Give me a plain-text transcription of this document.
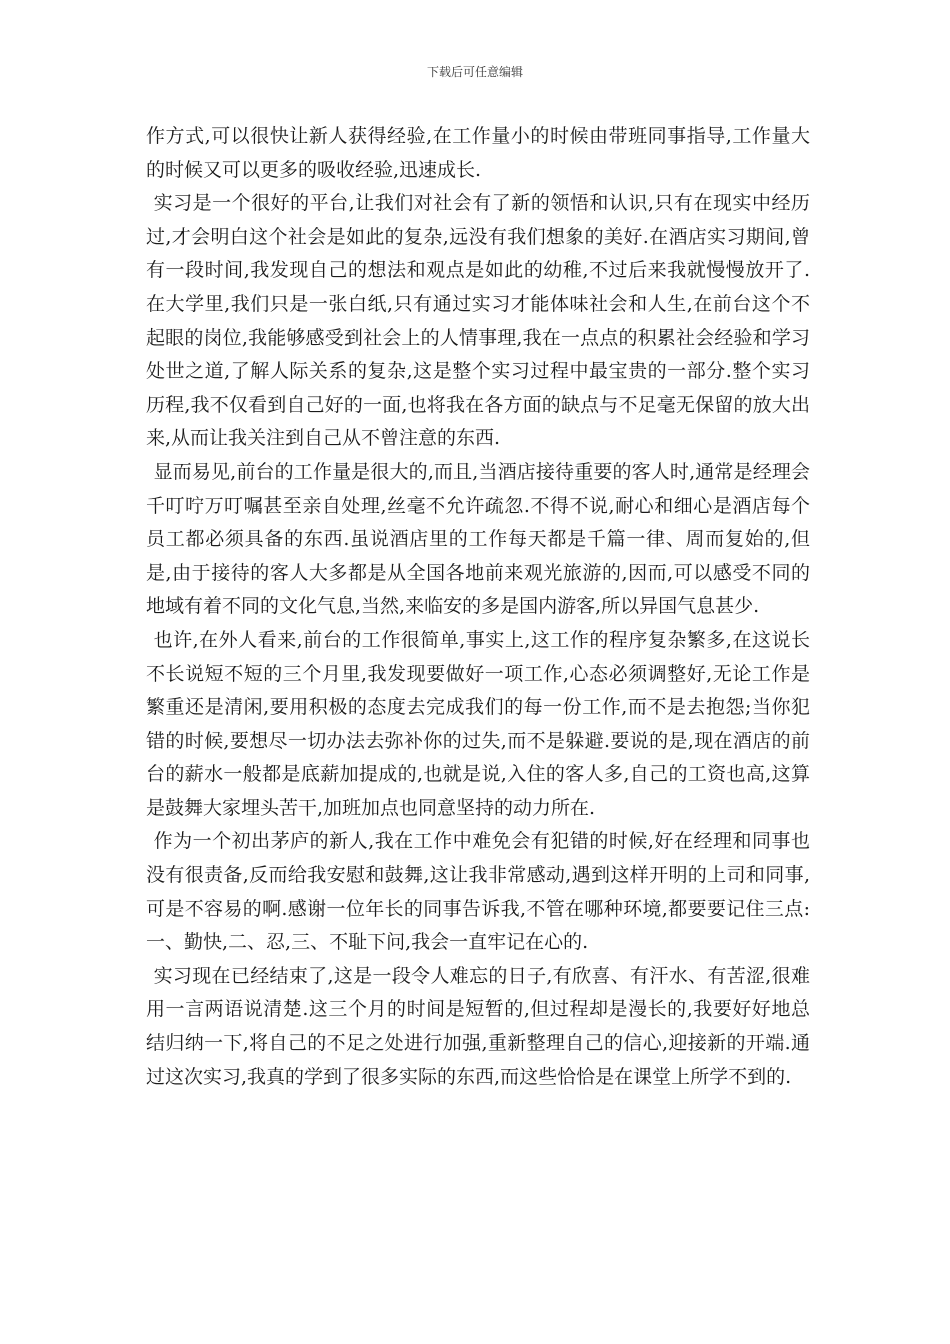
下载后可任意编辑

作方式,可以很快让新人获得经验,在工作量小的时候由带班同事指导,工作量大的时候又可以更多的吸收经验,迅速成长.

实习是一个很好的平台,让我们对社会有了新的领悟和认识,只有在现实中经历过,才会明白这个社会是如此的复杂,远没有我们想象的美好.在酒店实习期间,曾有一段时间,我发现自己的想法和观点是如此的幼稚,不过后来我就慢慢放开了.在大学里,我们只是一张白纸,只有通过实习才能体味社会和人生,在前台这个不起眼的岗位,我能够感受到社会上的人情事理,我在一点点的积累社会经验和学习处世之道,了解人际关系的复杂,这是整个实习过程中最宝贵的一部分.整个实习历程,我不仅看到自己好的一面,也将我在各方面的缺点与不足毫无保留的放大出来,从而让我关注到自己从不曾注意的东西.

显而易见,前台的工作量是很大的,而且,当酒店接待重要的客人时,通常是经理会千叮咛万叮嘱甚至亲自处理,丝毫不允许疏忽.不得不说,耐心和细心是酒店每个员工都必须具备的东西.虽说酒店里的工作每天都是千篇一律、周而复始的,但是,由于接待的客人大多都是从全国各地前来观光旅游的,因而,可以感受不同的地域有着不同的文化气息,当然,来临安的多是国内游客,所以异国气息甚少.

也许,在外人看来,前台的工作很简单,事实上,这工作的程序复杂繁多,在这说长不长说短不短的三个月里,我发现要做好一项工作,心态必须调整好,无论工作是繁重还是清闲,要用积极的态度去完成我们的每一份工作,而不是去抱怨;当你犯错的时候,要想尽一切办法去弥补你的过失,而不是躲避.要说的是,现在酒店的前台的薪水一般都是底薪加提成的,也就是说,入住的客人多,自己的工资也高,这算是鼓舞大家埋头苦干,加班加点也同意坚持的动力所在.

作为一个初出茅庐的新人,我在工作中难免会有犯错的时候,好在经理和同事也没有很责备,反而给我安慰和鼓舞,这让我非常感动,遇到这样开明的上司和同事,可是不容易的啊.感谢一位年长的同事告诉我,不管在哪种环境,都要要记住三点:一、勤快,二、忍,三、不耻下问,我会一直牢记在心的.

实习现在已经结束了,这是一段令人难忘的日子,有欣喜、有汗水、有苦涩,很难用一言两语说清楚.这三个月的时间是短暂的,但过程却是漫长的,我要好好地总结归纳一下,将自己的不足之处进行加强,重新整理自己的信心,迎接新的开端.通过这次实习,我真的学到了很多实际的东西,而这些恰恰是在课堂上所学不到的.
